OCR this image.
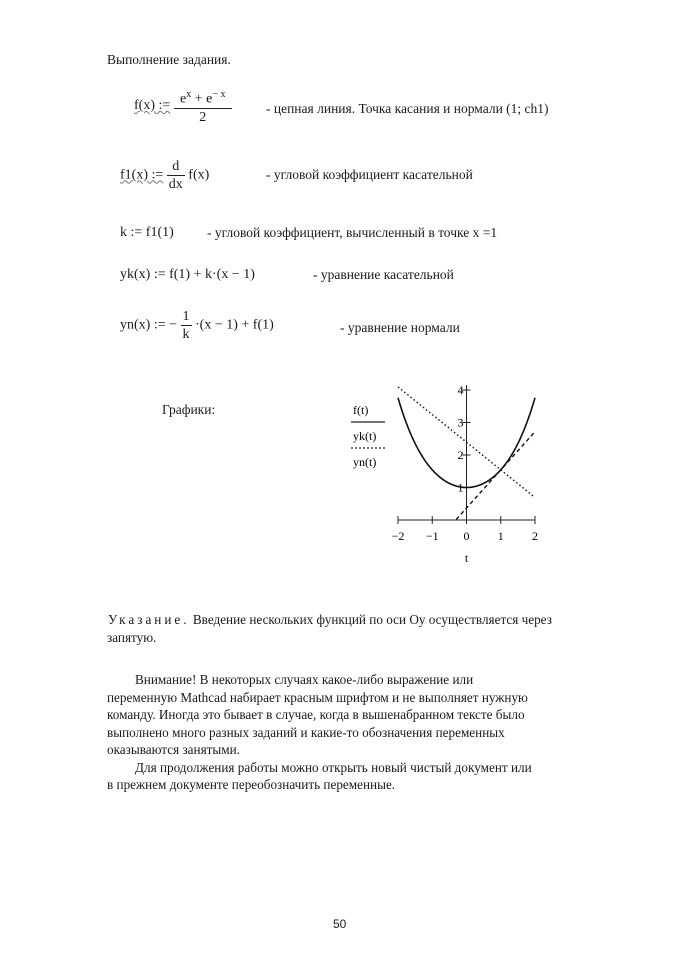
Выполнение задания.
f(x) := $\frac{e^x + e^{- x}}{2}$	- цепная линия. Точка касания и нормали (1; ch1)
f1(x) := $\frac{d}{dx} f(x)$	- угловой коэффициент касательной
k := f1(1) - угловой коэффициент, вычисленный в точке x =1
yk(x) := f(1) + k·(x − 1)	- уравнение касательной
yn(x) := − $\frac{1}{k} \cdot(x - 1) + f(1)$	- уравнение нормали
Графики:	f(t)
yk(t)
yn(t)
−2 −1 0 1 2
1
2
3
4
t
Указание. Введение нескольких функций по оси Оу осуществляется через запятую.
Внимание! В некоторых случаях какое-либо выражение или
переменную Mathcad набирает красным шрифтом и не выполняет нужную
команду. Иногда это бывает в случае, когда в вышенабранном тексте было
выполнено много разных заданий и какие-то обозначения переменных
оказываются занятыми.
Для продолжения работы можно открыть новый чистый документ или
в прежнем документе переобозначить переменные.
50
